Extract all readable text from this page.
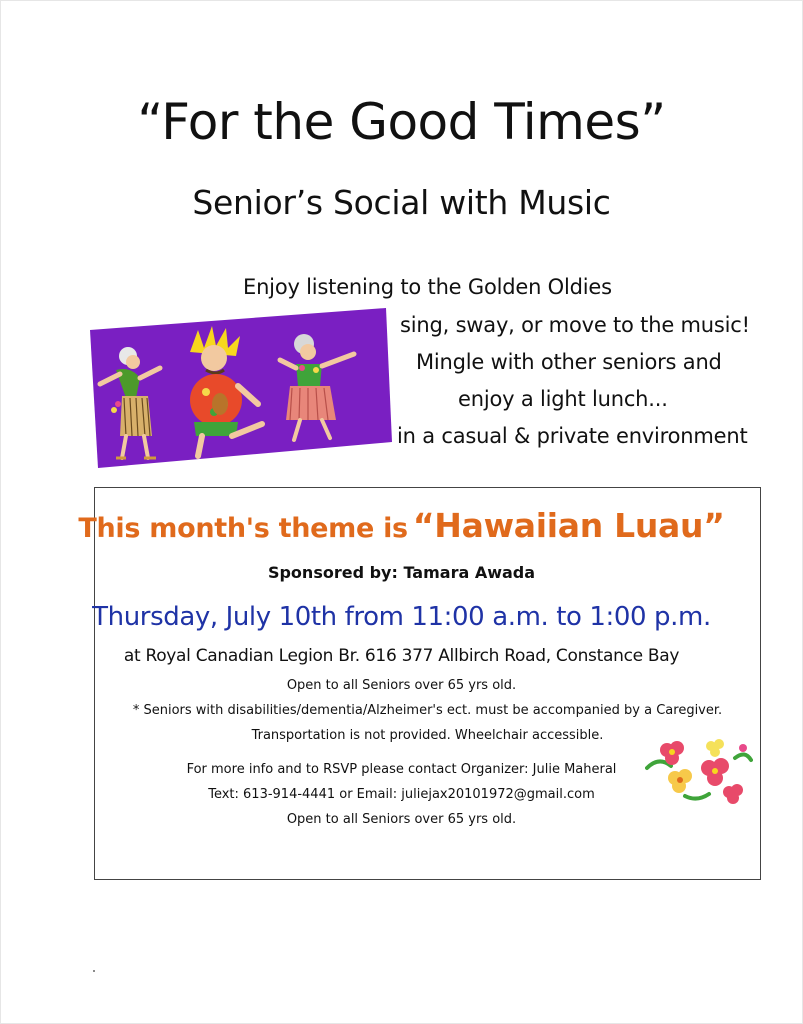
“For the Good Times”
Senior’s Social with Music
Enjoy listening to the Golden Oldies
sing, sway, or move to the music!
Mingle with other seniors and
enjoy a light lunch...
in a casual & private environment
This month's theme is “Hawaiian Luau”
Sponsored by: Tamara Awada
Thursday, July 10th from 11:00 a.m. to 1:00 p.m.
at Royal Canadian Legion Br. 616 377 Allbirch Road, Constance Bay
Open to all Seniors over 65 yrs old.
* Seniors with disabilities/dementia/Alzheimer's ect. must be accompanied by a Caregiver. Transportation is not provided. Wheelchair accessible.
For more info and to RSVP please contact Organizer: Julie Maheral
Text: 613-914-4441 or Email: juliejax20101972@gmail.com
Open to all Seniors over 65 yrs old.
